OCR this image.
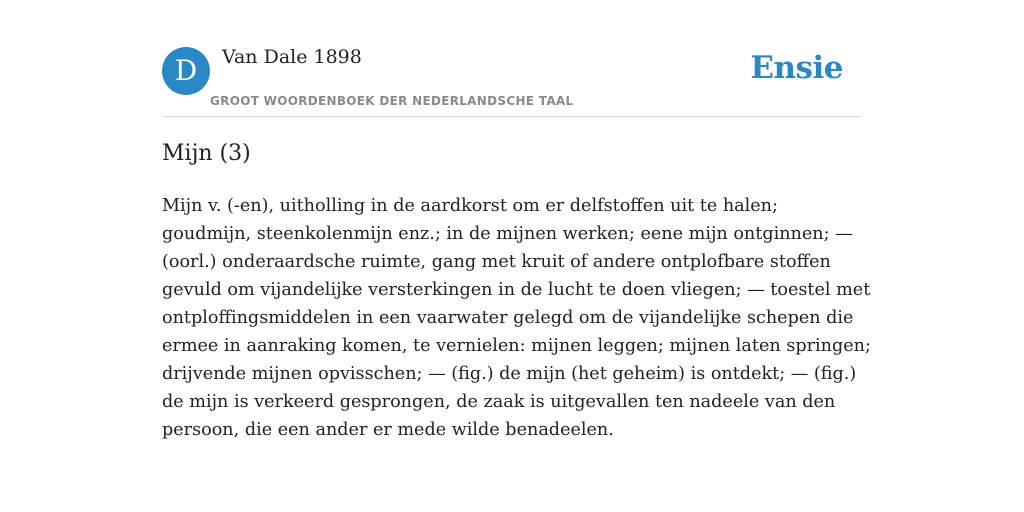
D	Van Dale 1898
GROOT WOORDENBOEK DER NEDERLANDSCHE TAAL
Ensie
Mijn (3)

Mijn v. (-en), uitholling in de aardkorst om er delfstoffen uit te halen; goudmijn, steenkolenmijn enz.; in de mijnen werken; eene mijn ontginnen; — (oorl.) onderaardsche ruimte, gang met kruit of andere ontplofbare stoffen gevuld om vijandelijke versterkingen in de lucht te doen vliegen; — toestel met ontploffingsmiddelen in een vaarwater gelegd om de vijandelijke schepen die ermee in aanraking komen, te vernielen: mijnen leggen; mijnen laten springen; drijvende mijnen opvisschen; — (fig.) de mijn (het geheim) is ontdekt; — (fig.) de mijn is verkeerd gesprongen, de zaak is uitgevallen ten nadeele van den persoon, die een ander er mede wilde benadeelen.
